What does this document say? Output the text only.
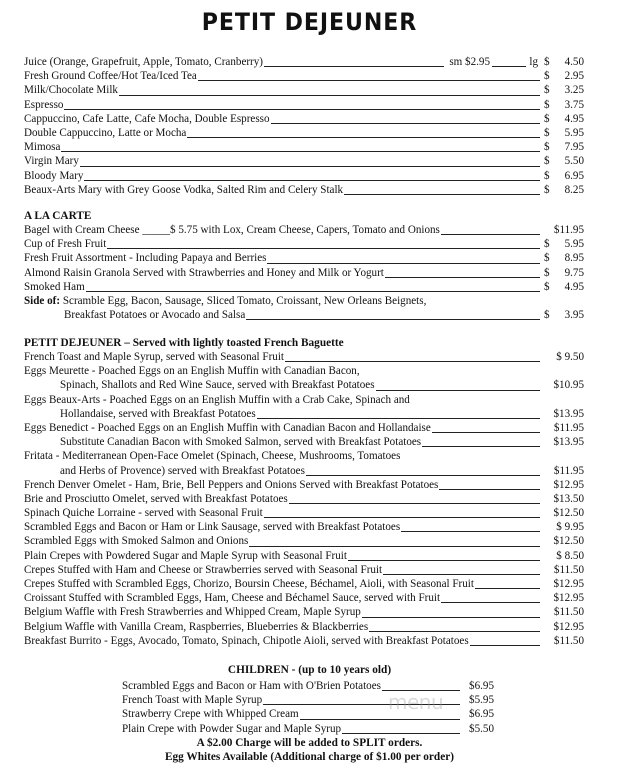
PETIT DEJEUNER
Juice (Orange, Grapefruit, Apple, Tomato, Cranberry)	sm $2.95	lg $ 4.50
Fresh Ground Coffee/Hot Tea/Iced Tea	$ 2.95
Milk/Chocolate Milk	$ 3.25
Espresso	$ 3.75
Cappuccino, Cafe Latte, Cafe Mocha, Double Espresso	$ 4.95
Double Cappuccino, Latte or Mocha	$ 5.95
Mimosa	$ 7.95
Virgin Mary	$ 5.50
Bloody Mary	$ 6.95
Beaux-Arts Mary with Grey Goose Vodka, Salted Rim and Celery Stalk	$ 8.25
A LA CARTE
Bagel with Cream Cheese _____$ 5.75 with Lox, Cream Cheese, Capers, Tomato and Onions	$11.95
Cup of Fresh Fruit	$ 5.95
Fresh Fruit Assortment - Including Papaya and Berries	$ 8.95
Almond Raisin Granola Served with Strawberries and Honey and Milk or Yogurt	$ 9.75
Smoked Ham	$ 4.95
Side of: Scramble Egg, Bacon, Sausage, Sliced Tomato, Croissant, New Orleans Beignets,
Breakfast Potatoes or Avocado and Salsa	$ 3.95
PETIT DEJEUNER – Served with lightly toasted French Baguette
French Toast and Maple Syrup, served with Seasonal Fruit	$ 9.50
Eggs Meurette - Poached Eggs on an English Muffin with Canadian Bacon,
Spinach, Shallots and Red Wine Sauce, served with Breakfast Potatoes	$10.95
Eggs Beaux-Arts - Poached Eggs on an English Muffin with a Crab Cake, Spinach and
Hollandaise, served with Breakfast Potatoes	$13.95
Eggs Benedict - Poached Eggs on an English Muffin with Canadian Bacon and Hollandaise	$11.95
Substitute Canadian Bacon with Smoked Salmon, served with Breakfast Potatoes	$13.95
Fritata - Mediterranean Open-Face Omelet (Spinach, Cheese, Mushrooms, Tomatoes
and Herbs of Provence) served with Breakfast Potatoes	$11.95
French Denver Omelet - Ham, Brie, Bell Peppers and Onions Served with Breakfast Potatoes	$12.95
Brie and Prosciutto Omelet, served with Breakfast Potatoes	$13.50
Spinach Quiche Lorraine - served with Seasonal Fruit	$12.50
Scrambled Eggs and Bacon or Ham or Link Sausage, served with Breakfast Potatoes	$ 9.95
Scrambled Eggs with Smoked Salmon and Onions	$12.50
Plain Crepes with Powdered Sugar and Maple Syrup with Seasonal Fruit	$ 8.50
Crepes Stuffed with Ham and Cheese or Strawberries served with Seasonal Fruit	$11.50
Crepes Stuffed with Scrambled Eggs, Chorizo, Boursin Cheese, Béchamel, Aioli, with Seasonal Fruit	$12.95
Croissant Stuffed with Scrambled Eggs, Ham, Cheese and Béchamel Sauce, served with Fruit	$12.95
Belgium Waffle with Fresh Strawberries and Whipped Cream, Maple Syrup	$11.50
Belgium Waffle with Vanilla Cream, Raspberries, Blueberries & Blackberries	$12.95
Breakfast Burrito - Eggs, Avocado, Tomato, Spinach, Chipotle Aioli, served with Breakfast Potatoes	$11.50
CHILDREN - (up to 10 years old)
Scrambled Eggs and Bacon or Ham with O'Brien Potatoes	$6.95
French Toast with Maple Syrup	$5.95
Strawberry Crepe with Whipped Cream	$6.95
Plain Crepe with Powder Sugar and Maple Syrup	$5.50
A $2.00 Charge will be added to SPLIT orders.
Egg Whites Available (Additional charge of $1.00 per order)
menu
